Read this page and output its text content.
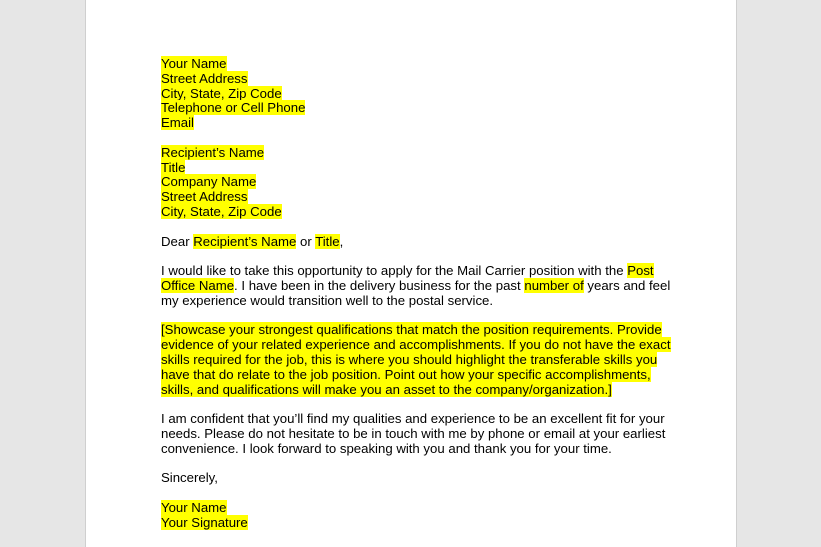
Your Name
Street Address
City, State, Zip Code
Telephone or Cell Phone
Email
Recipient’s Name
Title
Company Name
Street Address
City, State, Zip Code
Dear Recipient’s Name or Title,
I would like to take this opportunity to apply for the Mail Carrier position with the Post
Office Name. I have been in the delivery business for the past number of years and feel
my experience would transition well to the postal service.
[Showcase your strongest qualifications that match the position requirements. Provide
evidence of your related experience and accomplishments. If you do not have the exact
skills required for the job, this is where you should highlight the transferable skills you
have that do relate to the job position. Point out how your specific accomplishments,
skills, and qualifications will make you an asset to the company/organization.]
I am confident that you’ll find my qualities and experience to be an excellent fit for your
needs. Please do not hesitate to be in touch with me by phone or email at your earliest
convenience. I look forward to speaking with you and thank you for your time.
Sincerely,
Your Name
Your Signature
